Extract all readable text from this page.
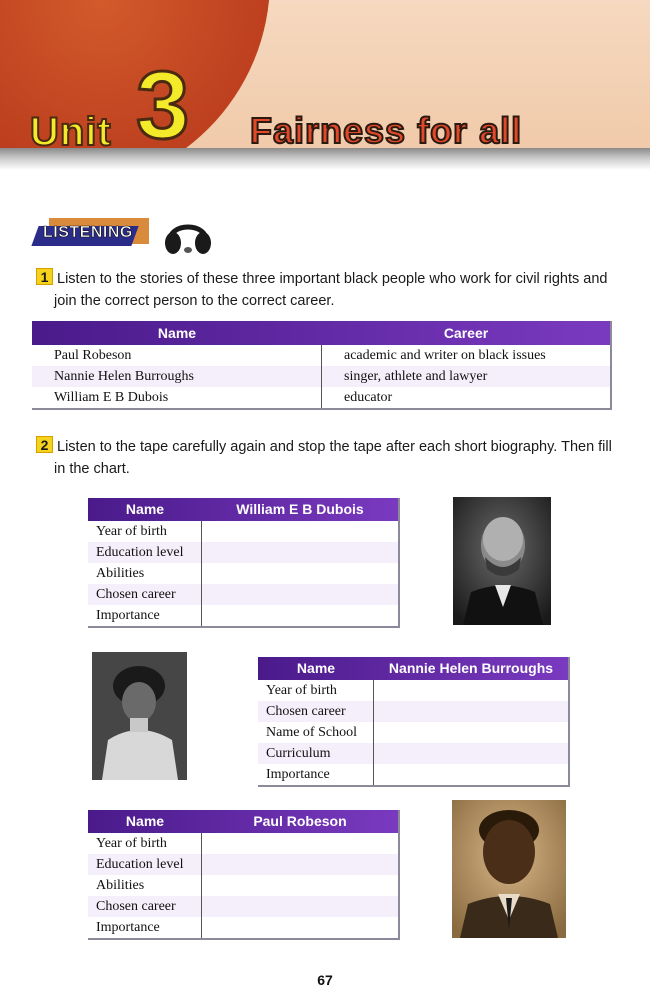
Unit 3 Fairness for all
LISTENING
1 Listen to the stories of these three important black people who work for civil rights and
join the correct person to the correct career.
Name	Career
Paul Robeson	academic and writer on black issues
Nannie Helen Burroughs	singer, athlete and lawyer
William E B Dubois	educator
2 Listen to the tape carefully again and stop the tape after each short biography. Then fill
in the chart.
Name	William E B Dubois
Year of birth
Education level
Abilities
Chosen career
Importance
Name	Nannie Helen Burroughs
Year of birth
Chosen career
Name of School
Curriculum
Importance
Name	Paul Robeson
Year of birth
Education level
Abilities
Chosen career
Importance
67
